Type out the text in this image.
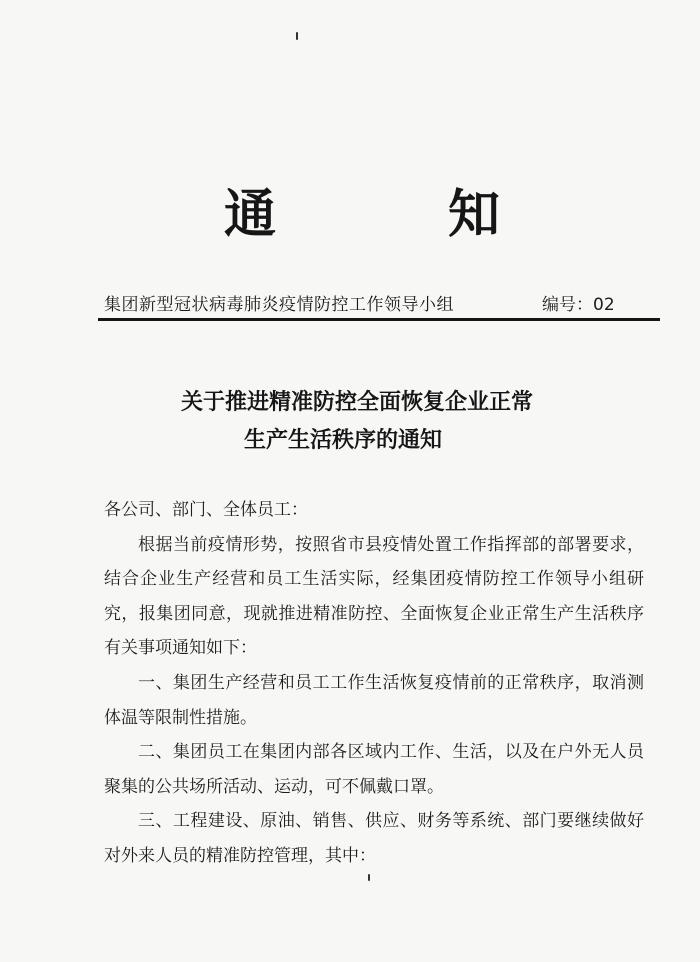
通	知
集团新型冠状病毒肺炎疫情防控工作领导小组	编号：02
关于推进精准防控全面恢复企业正常
生产生活秩序的通知

各公司、部门、全体员工：

根据当前疫情形势，按照省市县疫情处置工作指挥部的部署要求，结合企业生产经营和员工生活实际，经集团疫情防控工作领导小组研究，报集团同意，现就推进精准防控、全面恢复企业正常生产生活秩序有关事项通知如下：

一、集团生产经营和员工工作生活恢复疫情前的正常秩序，取消测体温等限制性措施。

二、集团员工在集团内部各区域内工作、生活，以及在户外无人员聚集的公共场所活动、运动，可不佩戴口罩。

三、工程建设、原油、销售、供应、财务等系统、部门要继续做好对外来人员的精准防控管理，其中：
